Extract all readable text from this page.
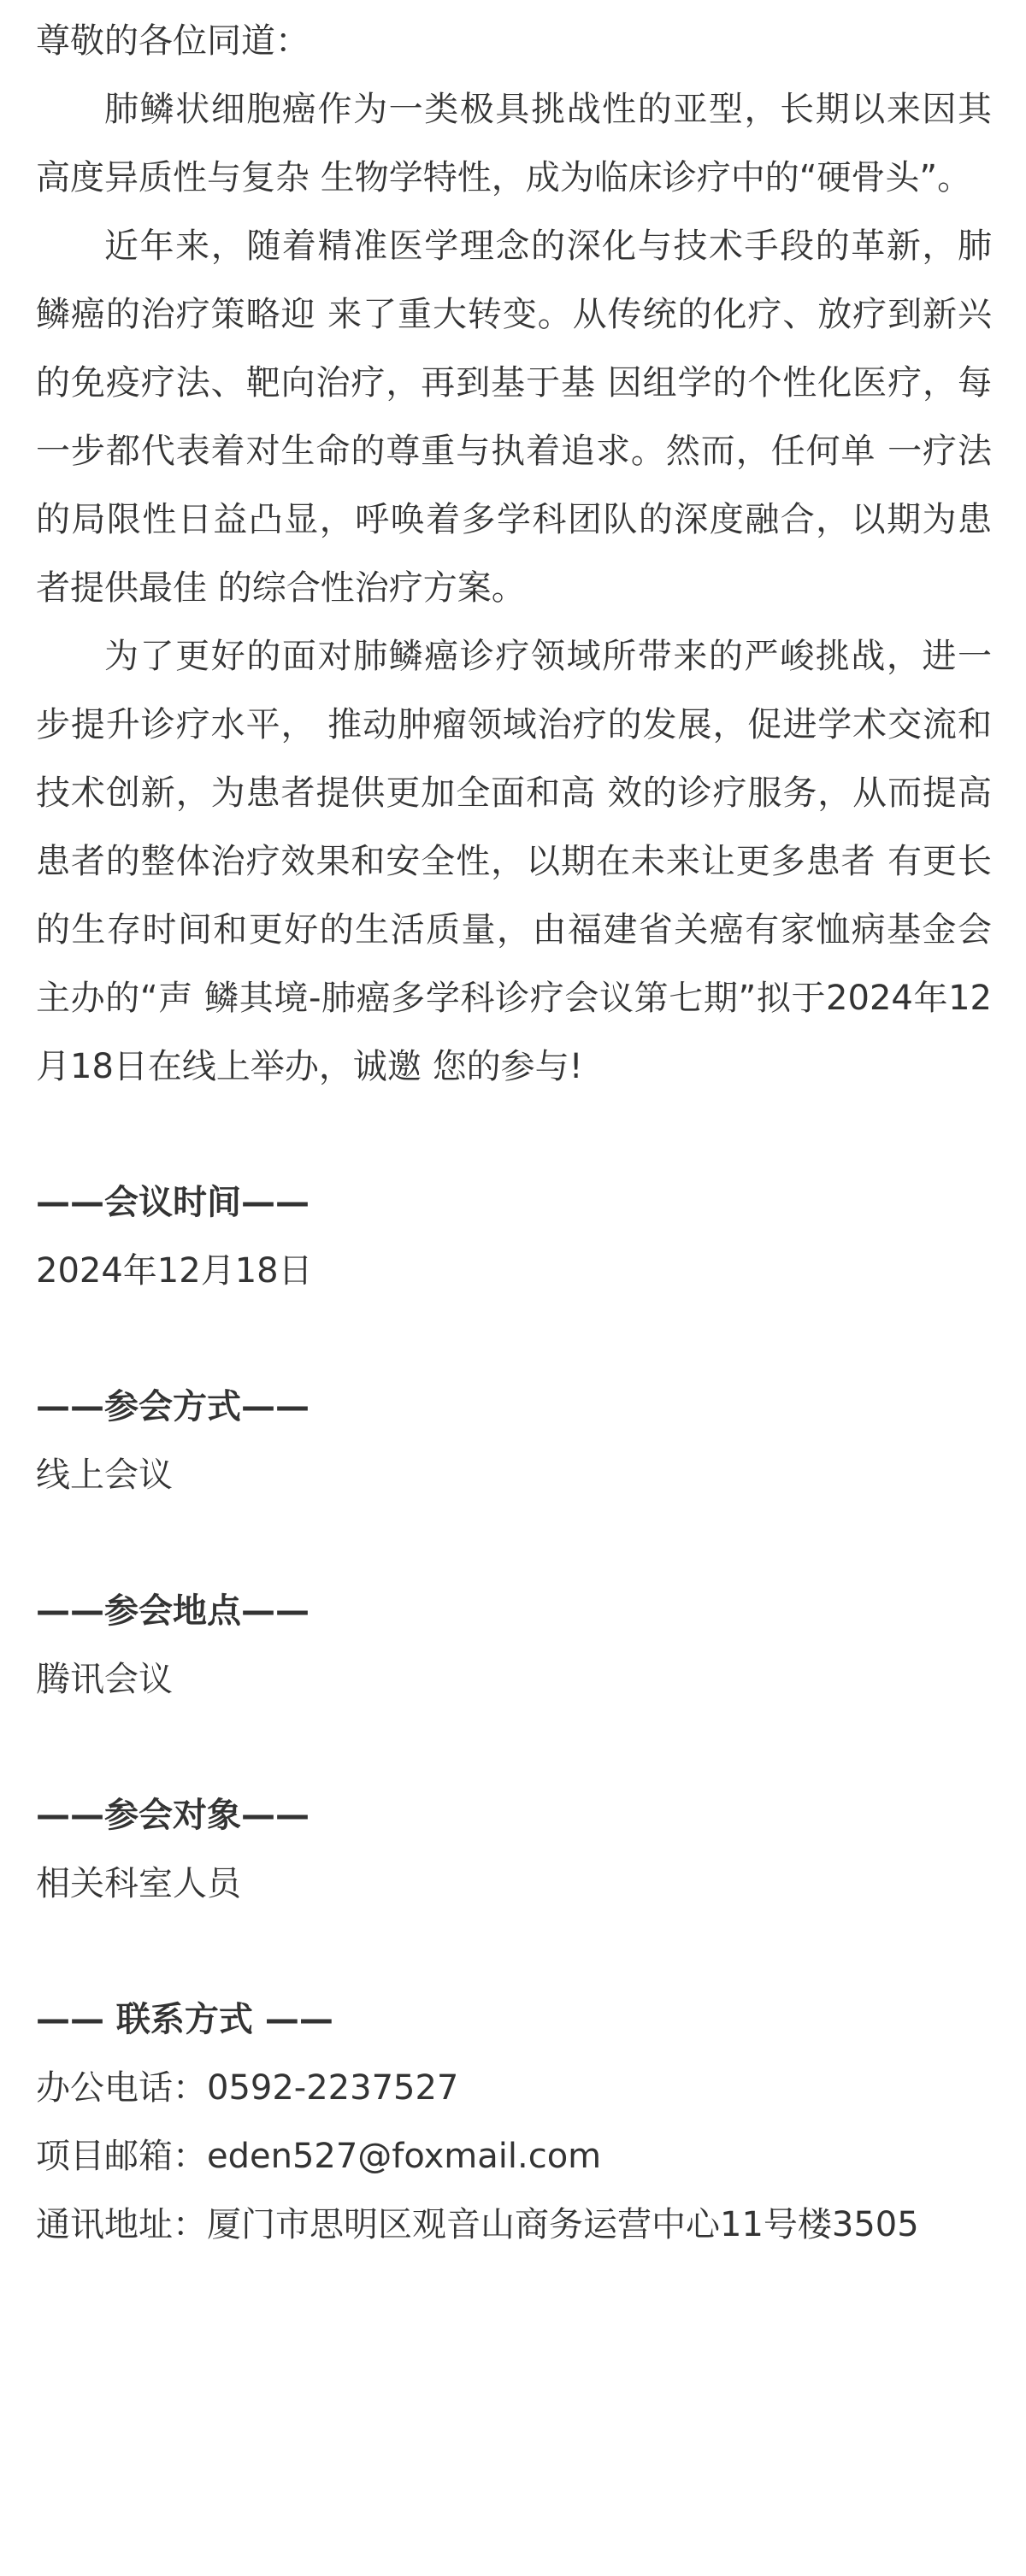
尊敬的各位同道：

肺鳞状细胞癌作为一类极具挑战性的亚型，长期以来因其高度异质性与复杂 生物学特性，成为临床诊疗中的“硬骨头”。

近年来，随着精准医学理念的深化与技术手段的革新，肺鳞癌的治疗策略迎 来了重大转变。从传统的化疗、放疗到新兴的免疫疗法、靶向治疗，再到基于基 因组学的个性化医疗，每一步都代表着对生命的尊重与执着追求。然而，任何单 一疗法的局限性日益凸显，呼唤着多学科团队的深度融合，以期为患者提供最佳 的综合性治疗方案。

为了更好的面对肺鳞癌诊疗领域所带来的严峻挑战，进一步提升诊疗水平， 推动肿瘤领域治疗的发展，促进学术交流和技术创新，为患者提供更加全面和高 效的诊疗服务，从而提高患者的整体治疗效果和安全性，以期在未来让更多患者 有更长的生存时间和更好的生活质量，由福建省关癌有家恤病基金会主办的“声 鳞其境-肺癌多学科诊疗会议第七期”拟于2024年12月18日在线上举办，诚邀 您的参与!

——会议时间——

2024年12月18日

——参会方式——

线上会议

——参会地点——

腾讯会议

——参会对象——

相关科室人员

—— 联系方式 ——

办公电话：0592-2237527

项目邮箱：eden527@foxmail.com

通讯地址：厦门市思明区观音山商务运营中心11号楼3505
